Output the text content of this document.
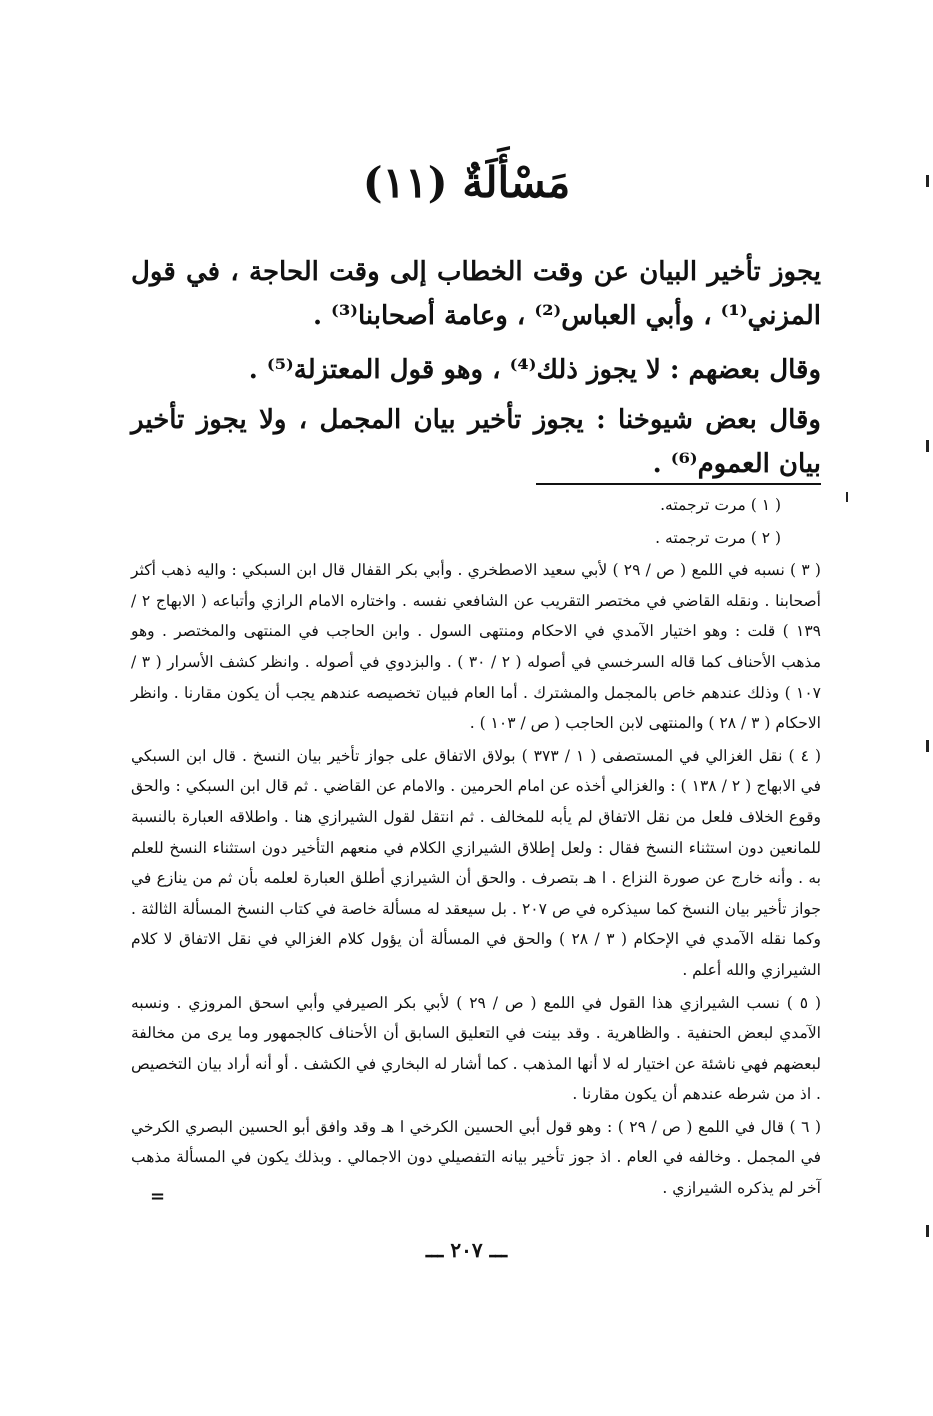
مَسْأَلَةٌ (١١)
يجوز تأخير البيان عن وقت الخطاب إلى وقت الحاجة ، في قول المزني⁽¹⁾ ، وأبي العباس⁽²⁾ ، وعامة أصحابنا⁽³⁾ .
وقال بعضهم : لا يجوز ذلك⁽⁴⁾ ، وهو قول المعتزلة⁽⁵⁾ .
وقال بعض شيوخنا : يجوز تأخير بيان المجمل ، ولا يجوز تأخير بيان العموم⁽⁶⁾ .
( ١ ) مرت ترجمته.
( ٢ ) مرت ترجمته .
( ٣ ) نسبه في اللمع ( ص / ٢٩ ) لأبي سعيد الاصطخري . وأبي بكر القفال قال ابن السبكي : واليه ذهب أكثر أصحابنا . ونقله القاضي في مختصر التقريب عن الشافعي نفسه . واختاره الامام الرازي وأتباعه ( الابهاج ٢ / ١٣٩ ) قلت : وهو اختيار الآمدي في الاحكام ومنتهى السول . وابن الحاجب في المنتهى والمختصر . وهو مذهب الأحناف كما قاله السرخسي في أصوله ( ٢ / ٣٠ ) . والبزدوي في أصوله . وانظر كشف الأسرار ( ٣ / ١٠٧ ) وذلك عندهم خاص بالمجمل والمشترك . أما العام فبيان تخصيصه عندهم يجب أن يكون مقارنا . وانظر الاحكام ( ٣ / ٢٨ ) والمنتهى لابن الحاجب ( ص / ١٠٣ ) .
( ٤ ) نقل الغزالي في المستصفى ( ١ / ٣٧٣ ) بولاق الاتفاق على جواز تأخير بيان النسخ . قال ابن السبكي في الابهاج ( ٢ / ١٣٨ ) : والغزالي أخذه عن امام الحرمين . والامام عن القاضي . ثم قال ابن السبكي : والحق وقوع الخلاف فلعل من نقل الاتفاق لم يأبه للمخالف . ثم انتقل لقول الشيرازي هنا . واطلاقه العبارة بالنسبة للمانعين دون استثناء النسخ فقال : ولعل إطلاق الشيرازي الكلام في منعهم التأخير دون استثناء النسخ للعلم به . وأنه خارج عن صورة النزاع . ا هـ بتصرف . والحق أن الشيرازي أطلق العبارة لعلمه بأن ثم من ينازع في جواز تأخير بيان النسخ كما سيذكره في ص ٢٠٧ . بل سيعقد له مسألة خاصة في كتاب النسخ المسألة الثالثة . وكما نقله الآمدي في الإحكام ( ٣ / ٢٨ ) والحق في المسألة أن يؤول كلام الغزالي في نقل الاتفاق لا كلام الشيرازي والله أعلم .
( ٥ ) نسب الشيرازي هذا القول في اللمع ( ص / ٢٩ ) لأبي بكر الصيرفي وأبي اسحق المروزي . ونسبه الآمدي لبعض الحنفية . والظاهرية . وقد بينت في التعليق السابق أن الأحناف كالجمهور وما يرى من مخالفة لبعضهم فهي ناشئة عن اختيار له لا أنها المذهب . كما أشار له البخاري في الكشف . أو أنه أراد بيان التخصيص . اذ من شرطه عندهم أن يكون مقارنا .
( ٦ ) قال في اللمع ( ص / ٢٩ ) : وهو قول أبي الحسين الكرخي ا هـ وقد وافق أبو الحسين البصري الكرخي في المجمل . وخالفه في العام . اذ جوز تأخير بيانه التفصيلي دون الاجمالي . وبذلك يكون في المسألة مذهب آخر لم يذكره الشيرازي .
=
ـــ ٢٠٧ ـــ
